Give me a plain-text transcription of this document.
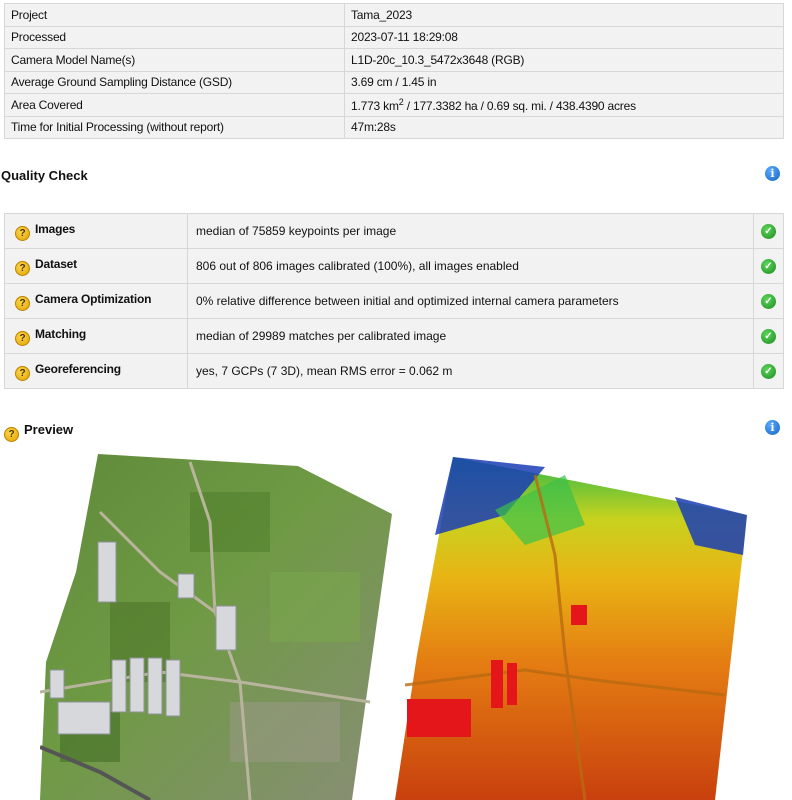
Project	Tama_2023
Processed	2023-07-11 18:29:08
Camera Model Name(s)	L1D-20c_10.3_5472x3648 (RGB)
Average Ground Sampling Distance (GSD)	3.69 cm / 1.45 in
Area Covered	1.773 $km^2 / 177.3382$ ha / 0.69 sq. mi. / 438.4390 acres
Time for Initial Processing (without report)	47m:28s
Quality Check	i
? Images	median of 75859 keypoints per image	✓
? Dataset	806 out of 806 images calibrated (100%), all images enabled	✓
? Camera Optimization	0% relative difference between initial and optimized internal camera parameters	✓
? Matching	median of 29989 matches per calibrated image	✓
? Georeferencing	yes, 7 GCPs (7 3D), mean RMS error = 0.062 m	✓
? Preview	i
